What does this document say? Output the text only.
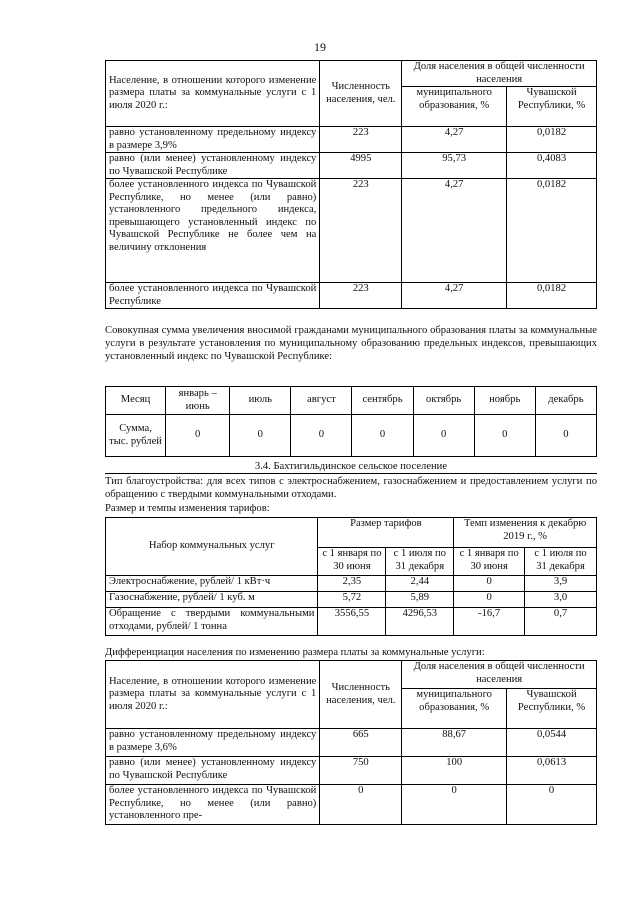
19
Население, в отношении которого изменение размера платы за коммунальные услуги с 1 июля 2020 г.:	Численность населения, чел.	Доля населения в общей численности населения	
		муниципального образования, %	Чувашской Республики, %
равно установленному предельному индексу в размере 3,9%	223	4,27	0,0182
равно (или менее) установленному индексу по Чувашской Республике	4995	95,73	0,4083
более установленного индекса по Чувашской Республике, но менее (или равно) установленного предельного индекса, превышающего установленный индекс по Чувашской Республике не более чем на величину отклонения	223	4,27	0,0182
более установленного индекса по Чувашской Республике	223	4,27	0,0182
Совокупная сумма увеличения вносимой гражданами муниципального образования платы за коммунальные услуги в результате установления по муниципальному образованию предельных индексов, превышающих установленный индекс по Чувашской Республике:
Месяц	январь – июнь	июль	август	сентябрь	октябрь	ноябрь	декабрь
Сумма, тыс. рублей	0	0	0	0	0	0	0
3.4. Бахтигильдинское сельское поселение
Тип благоустройства: для всех типов с электроснабжением, газоснабжением и предоставлением услуги по обращению с твердыми коммунальными отходами.
Размер и темпы изменения тарифов:
Набор коммунальных услуг	Размер тарифов		Темп изменения к декабрю 2019 г., %	
	с 1 января по 30 июня	с 1 июля по 31 декабря	с 1 января по 30 июня	с 1 июля по 31 декабря
Электроснабжение, рублей/ 1 кВт·ч	2,35	2,44	0	3,9
Газоснабжение, рублей/ 1 куб. м	5,72	5,89	0	3,0
Обращение с твердыми коммунальными отходами, рублей/ 1 тонна	3556,55	4296,53	-16,7	0,7
Дифференциация населения по изменению размера платы за коммунальные услуги:
Население, в отношении которого изменение размера платы за коммунальные услуги с 1 июля 2020 г.:	Численность населения, чел.	Доля населения в общей численности населения	
		муниципального образования, %	Чувашской Республики, %
равно установленному предельному индексу в размере 3,6%	665	88,67	0,0544
равно (или менее) установленному индексу по Чувашской Республике	750	100	0,0613
более установленного индекса по Чувашской Республике, но менее (или равно) установленного пре-	0	0	0
